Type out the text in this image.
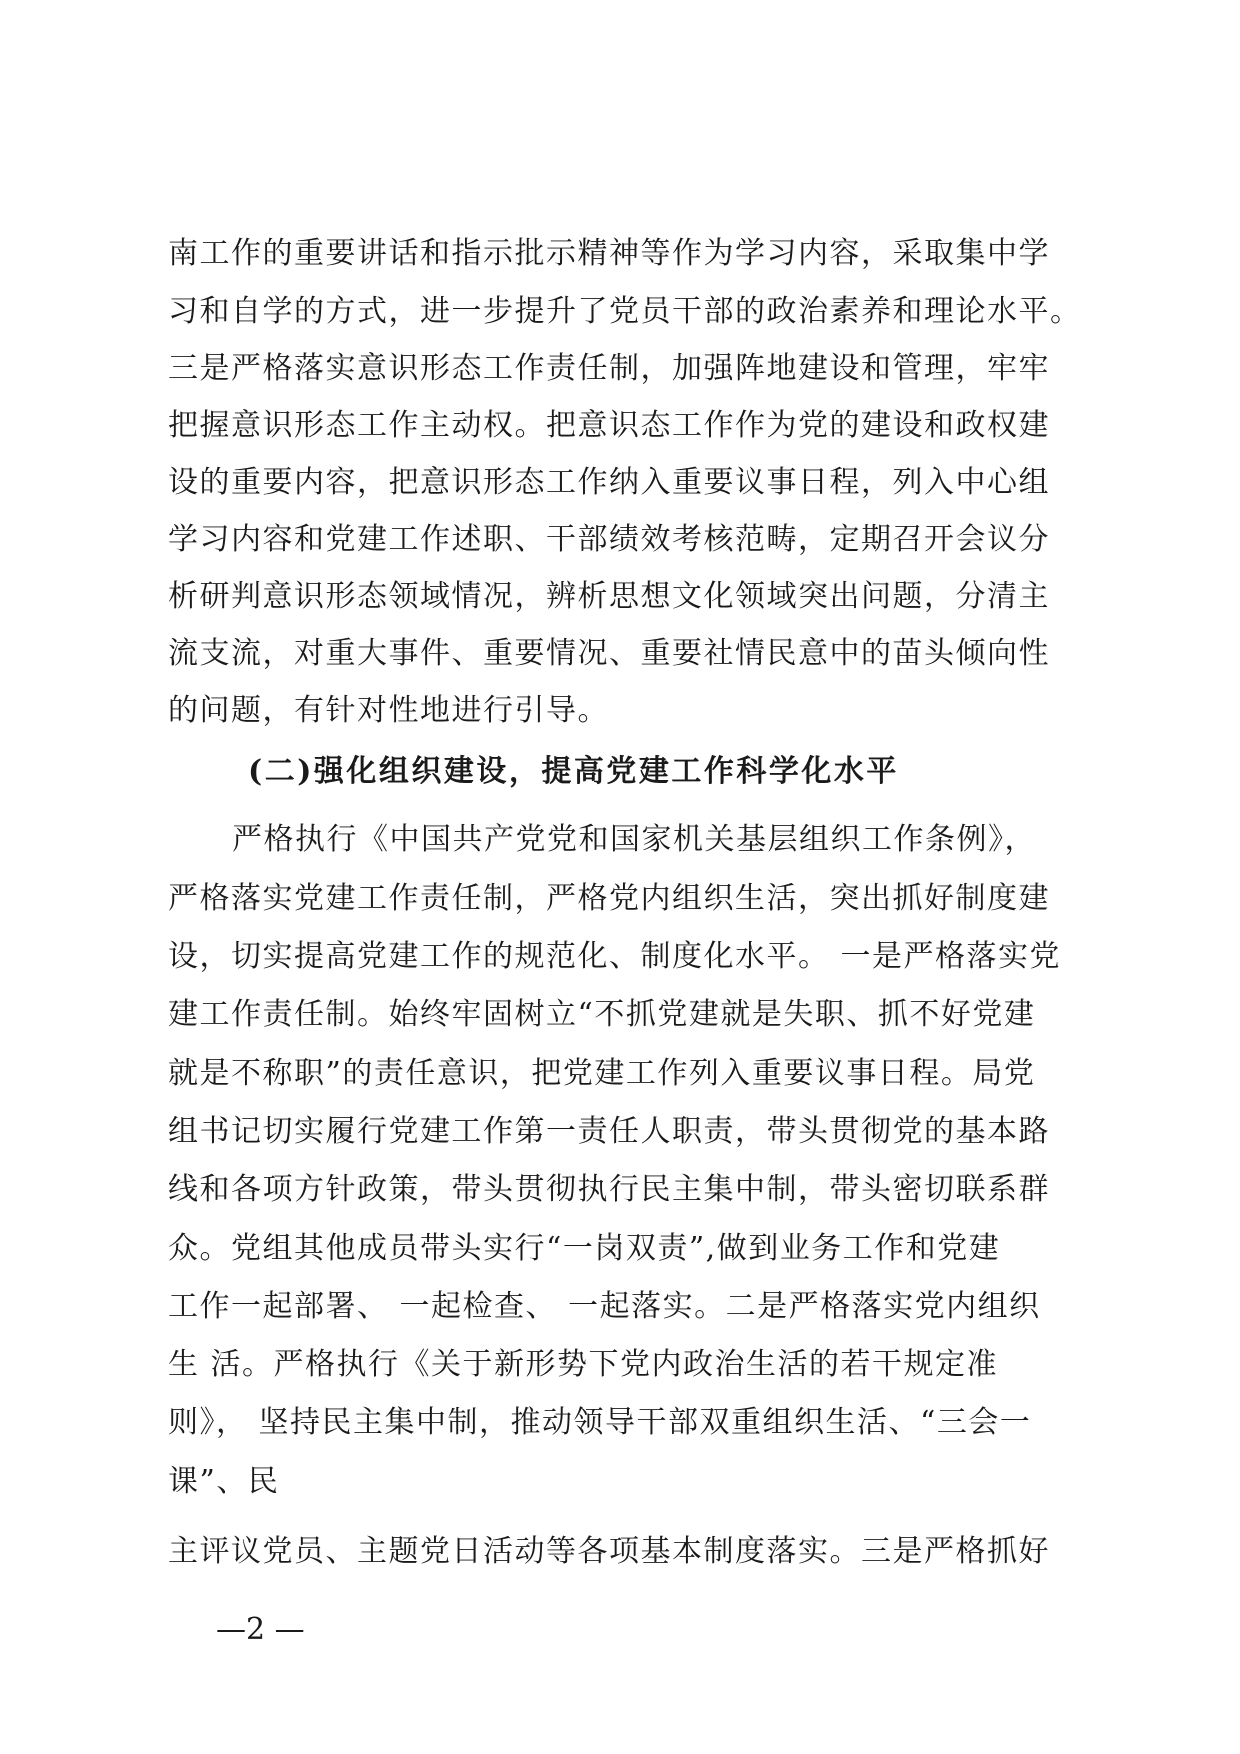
南工作的重要讲话和指示批示精神等作为学习内容，采取集中学
习和自学的方式，进一步提升了党员干部的政治素养和理论水平。
三是严格落实意识形态工作责任制，加强阵地建设和管理，牢牢
把握意识形态工作主动权。把意识态工作作为党的建设和政权建
设的重要内容，把意识形态工作纳入重要议事日程，列入中心组
学习内容和党建工作述职、干部绩效考核范畴，定期召开会议分
析研判意识形态领域情况，辨析思想文化领域突出问题，分清主
流支流，对重大事件、重要情况、重要社情民意中的苗头倾向性
的问题，有针对性地进行引导。
(二)强化组织建设，提高党建工作科学化水平
严格执行《中国共产党党和国家机关基层组织工作条例》，
严格落实党建工作责任制，严格党内组织生活，突出抓好制度建
设，切实提高党建工作的规范化、制度化水平。 一是严格落实党
建工作责任制。始终牢固树立“不抓党建就是失职、抓不好党建
就是不称职”的责任意识，把党建工作列入重要议事日程。局党
组书记切实履行党建工作第一责任人职责，带头贯彻党的基本路
线和各项方针政策，带头贯彻执行民主集中制，带头密切联系群
众。党组其他成员带头实行“一岗双责”,做到业务工作和党建
工作一起部署、 一起检查、 一起落实。二是严格落实党内组织
生 活。严格执行《关于新形势下党内政治生活的若干规定准
则》， 坚持民主集中制，推动领导干部双重组织生活、“三会一
课”、民
主评议党员、主题党日活动等各项基本制度落实。三是严格抓好
—2 —
